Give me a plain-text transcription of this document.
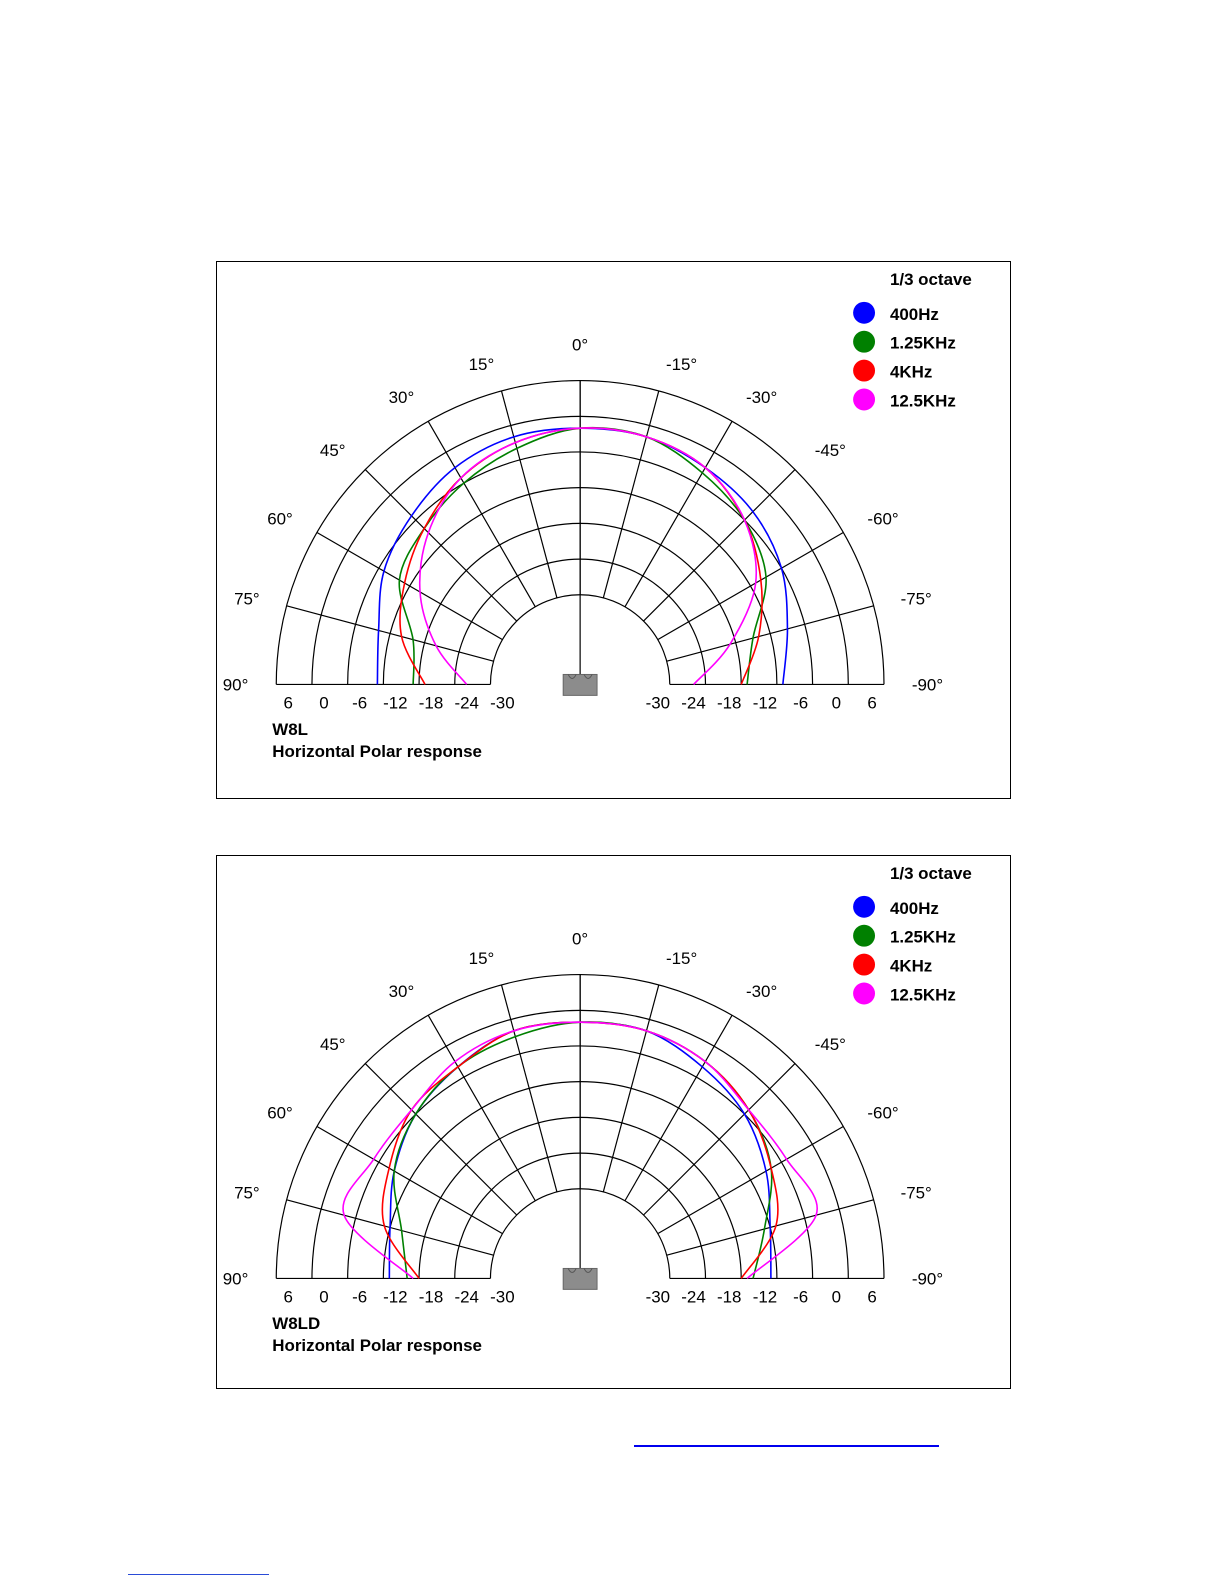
90°
75°
60°
45°
30°
15°
0°
-15°
-30°
-45°
-60°
-75°
-90°
6 0 -6 -12 -18 -24 -30	-30 -24 -18 -12 -6 0 6
1/3 octave
400Hz
1.25KHz
4KHz
12.5KHz
W8L
Horizontal Polar response
90°
75°
60°
45°
30°
15°
0°
-15°
-30°
-45°
-60°
-75°
-90°
6 0 -6 -12 -18 -24 -30	-30 -24 -18 -12 -6 0 6
1/3 octave
400Hz
1.25KHz
4KHz
12.5KHz
W8LD
Horizontal Polar response
